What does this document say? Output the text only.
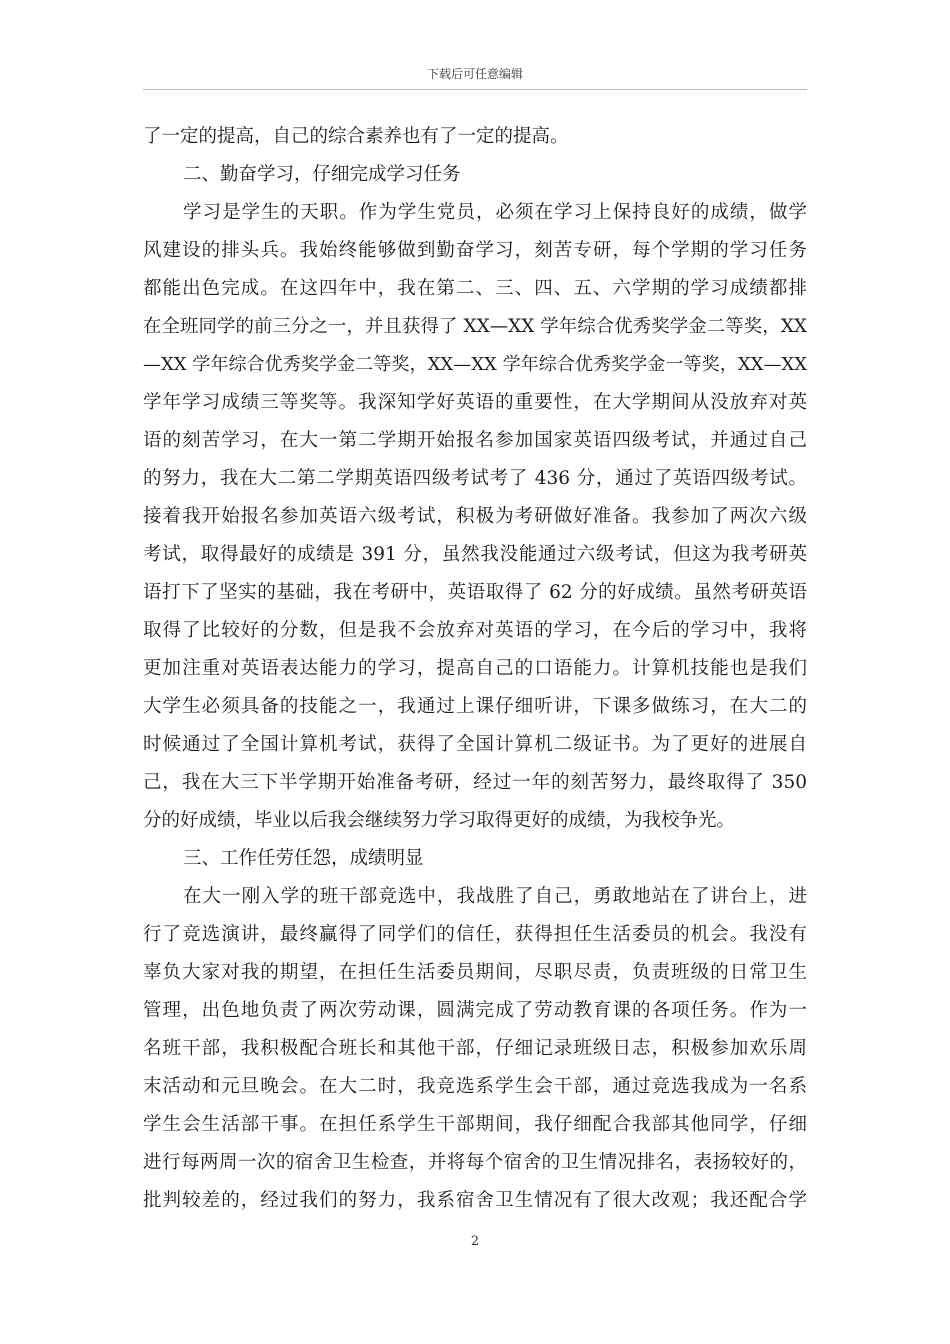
下载后可任意编辑
了一定的提高，自己的综合素养也有了一定的提高。
二、勤奋学习，仔细完成学习任务
学习是学生的天职。作为学生党员，必须在学习上保持良好的成绩，做学
风建设的排头兵。我始终能够做到勤奋学习，刻苦专研，每个学期的学习任务
都能出色完成。在这四年中，我在第二、三、四、五、六学期的学习成绩都排
在全班同学的前三分之一，并且获得了 XX—XX 学年综合优秀奖学金二等奖，XX
—XX 学年综合优秀奖学金二等奖，XX—XX 学年综合优秀奖学金一等奖，XX—XX
学年学习成绩三等奖等。我深知学好英语的重要性，在大学期间从没放弃对英
语的刻苦学习，在大一第二学期开始报名参加国家英语四级考试，并通过自己
的努力，我在大二第二学期英语四级考试考了 436 分，通过了英语四级考试。
接着我开始报名参加英语六级考试，积极为考研做好准备。我参加了两次六级
考试，取得最好的成绩是 391 分，虽然我没能通过六级考试，但这为我考研英
语打下了坚实的基础，我在考研中，英语取得了 62 分的好成绩。虽然考研英语
取得了比较好的分数，但是我不会放弃对英语的学习，在今后的学习中，我将
更加注重对英语表达能力的学习，提高自己的口语能力。计算机技能也是我们
大学生必须具备的技能之一，我通过上课仔细听讲，下课多做练习，在大二的
时候通过了全国计算机考试，获得了全国计算机二级证书。为了更好的进展自
己，我在大三下半学期开始准备考研，经过一年的刻苦努力，最终取得了 350
分的好成绩，毕业以后我会继续努力学习取得更好的成绩，为我校争光。
三、工作任劳任怨，成绩明显
在大一刚入学的班干部竞选中，我战胜了自己，勇敢地站在了讲台上，进
行了竞选演讲，最终赢得了同学们的信任，获得担任生活委员的机会。我没有
辜负大家对我的期望，在担任生活委员期间，尽职尽责，负责班级的日常卫生
管理，出色地负责了两次劳动课，圆满完成了劳动教育课的各项任务。作为一
名班干部，我积极配合班长和其他干部，仔细记录班级日志，积极参加欢乐周
末活动和元旦晚会。在大二时，我竞选系学生会干部，通过竞选我成为一名系
学生会生活部干事。在担任系学生干部期间，我仔细配合我部其他同学，仔细
进行每两周一次的宿舍卫生检查，并将每个宿舍的卫生情况排名，表扬较好的，
批判较差的，经过我们的努力，我系宿舍卫生情况有了很大改观；我还配合学
2
